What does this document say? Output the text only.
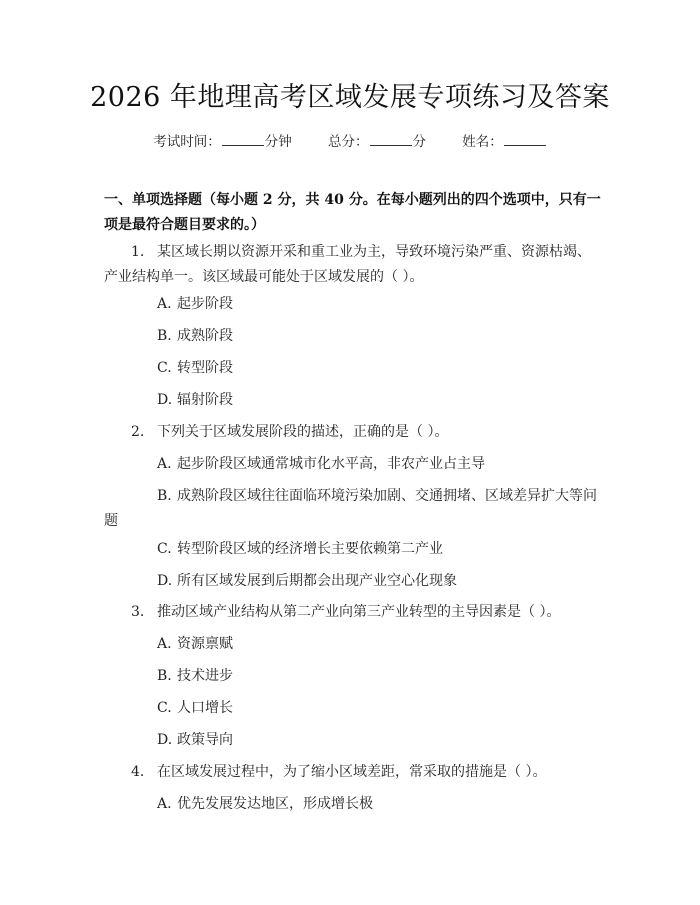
2026 年地理高考区域发展专项练习及答案
考试时间：	分钟	总分：	分	姓名：
一、单项选择题（每小题 2 分，共 40 分。在每小题列出的四个选项中，只有一项是最符合题目要求的。）
1. 某区域长期以资源开采和重工业为主，导致环境污染严重、资源枯竭、产业结构单一。该区域最可能处于区域发展的（ ）。
A. 起步阶段
B. 成熟阶段
C. 转型阶段
D. 辐射阶段
2. 下列关于区域发展阶段的描述，正确的是（ ）。
A. 起步阶段区域通常城市化水平高，非农产业占主导
B. 成熟阶段区域往往面临环境污染加剧、交通拥堵、区域差异扩大等问题
C. 转型阶段区域的经济增长主要依赖第二产业
D. 所有区域发展到后期都会出现产业空心化现象
3. 推动区域产业结构从第二产业向第三产业转型的主导因素是（ ）。
A. 资源禀赋
B. 技术进步
C. 人口增长
D. 政策导向
4. 在区域发展过程中，为了缩小区域差距，常采取的措施是（ ）。
A. 优先发展发达地区，形成增长极
